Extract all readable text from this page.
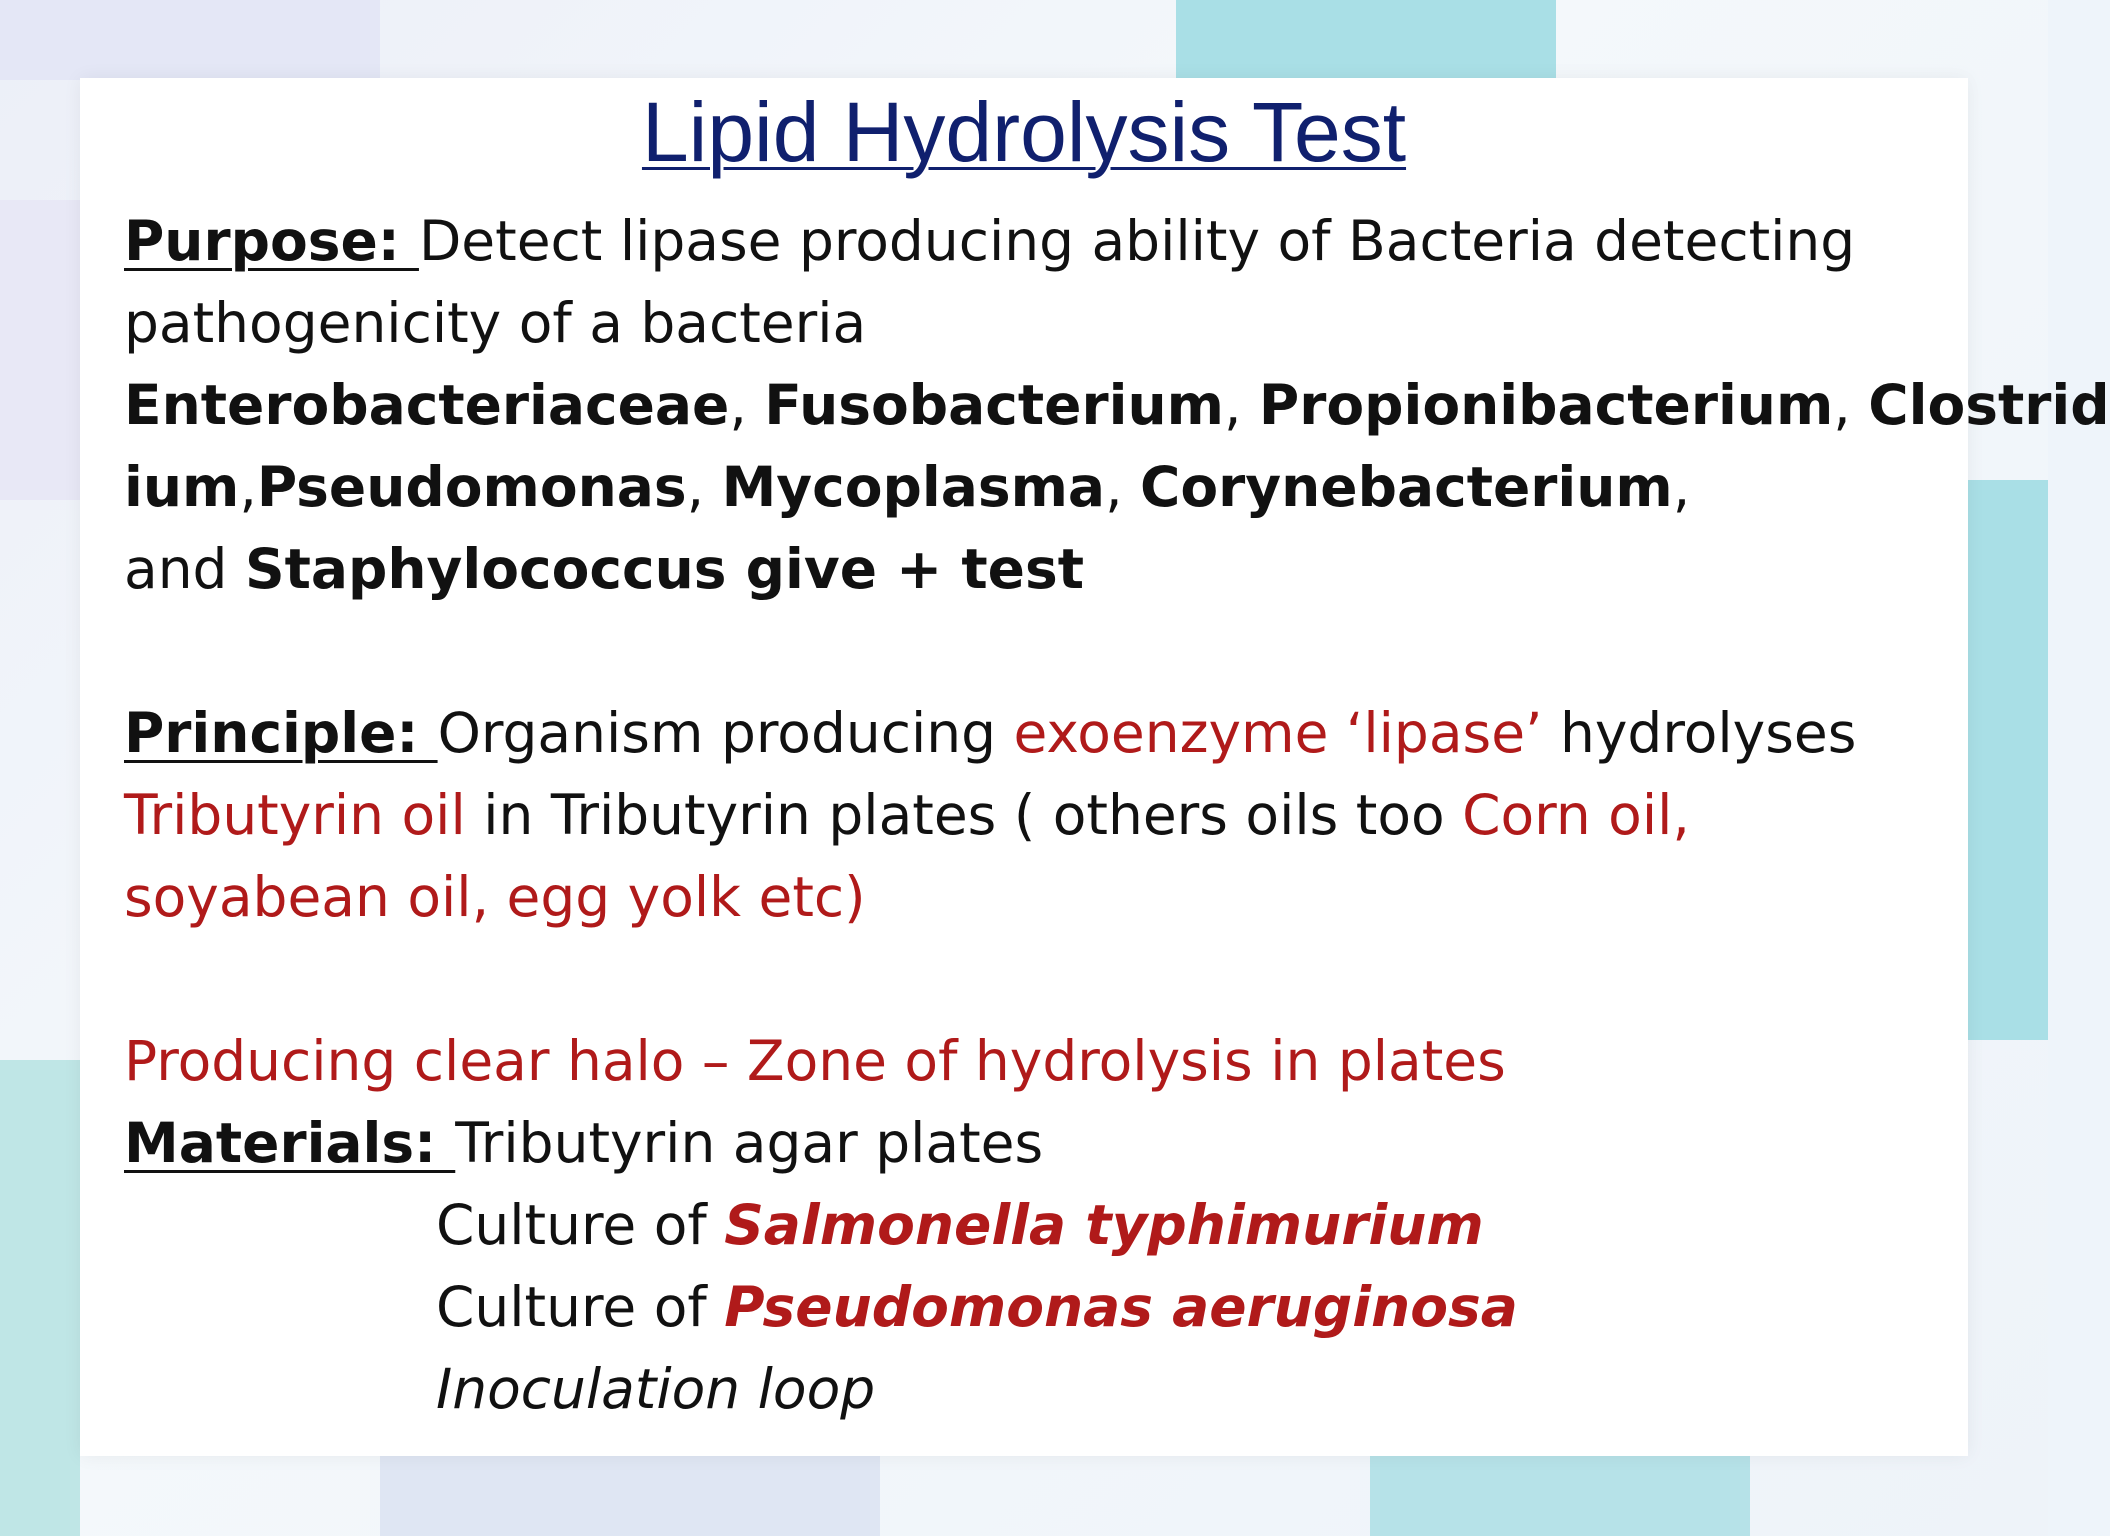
Lipid Hydrolysis Test
Purpose: Detect lipase producing ability of Bacteria detecting
pathogenicity of a bacteria
Enterobacteriaceae, Fusobacterium, Propionibacterium, Clostrid
ium,Pseudomonas, Mycoplasma, Corynebacterium,
and Staphylococcus give + test
Principle: Organism producing exoenzyme ‘lipase’ hydrolyses
Tributyrin oil in Tributyrin plates ( others oils too Corn oil,
soyabean oil, egg yolk etc)
Producing clear halo – Zone of hydrolysis in plates
Materials: Tributyrin agar plates
Culture of Salmonella typhimurium
Culture of Pseudomonas aeruginosa
Inoculation loop
